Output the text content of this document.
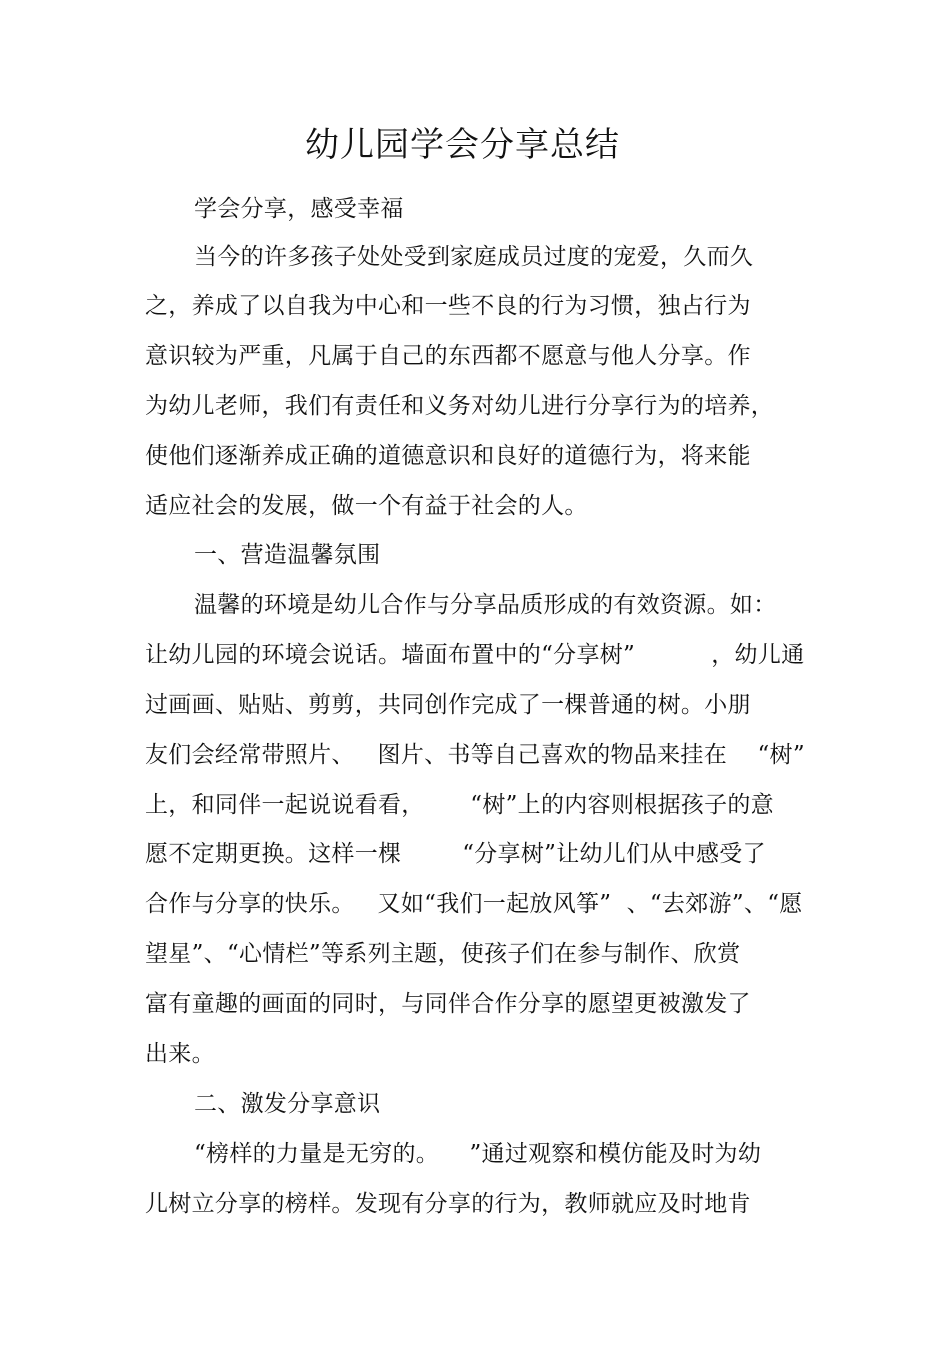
幼儿园学会分享总结
学会分享，感受幸福
当今的许多孩子处处受到家庭成员过度的宠爱，久而久
之，养成了以自我为中心和一些不良的行为习惯，独占行为
意识较为严重，凡属于自己的东西都不愿意与他人分享。作
为幼儿老师，我们有责任和义务对幼儿进行分享行为的培养，
使他们逐渐养成正确的道德意识和良好的道德行为，将来能
适应社会的发展，做一个有益于社会的人。
一、营造温馨氛围
温馨的环境是幼儿合作与分享品质形成的有效资源。如：
让幼儿园的环境会说话。墙面布置中的“分享树”          ，幼儿通
过画画、贴贴、剪剪，共同创作完成了一棵普通的树。小朋
友们会经常带照片、   图片、书等自己喜欢的物品来挂在    “树”
上，和同伴一起说说看看，      “树”上的内容则根据孩子的意
愿不定期更换。这样一棵        “分享树”让幼儿们从中感受了
合作与分享的快乐。   又如“我们一起放风筝”  、“去郊游”、“愿
望星”、“心情栏”等系列主题，使孩子们在参与制作、欣赏
富有童趣的画面的同时，与同伴合作分享的愿望更被激发了
出来。
二、激发分享意识
“榜样的力量是无穷的。    ”通过观察和模仿能及时为幼
儿树立分享的榜样。发现有分享的行为，教师就应及时地肯
